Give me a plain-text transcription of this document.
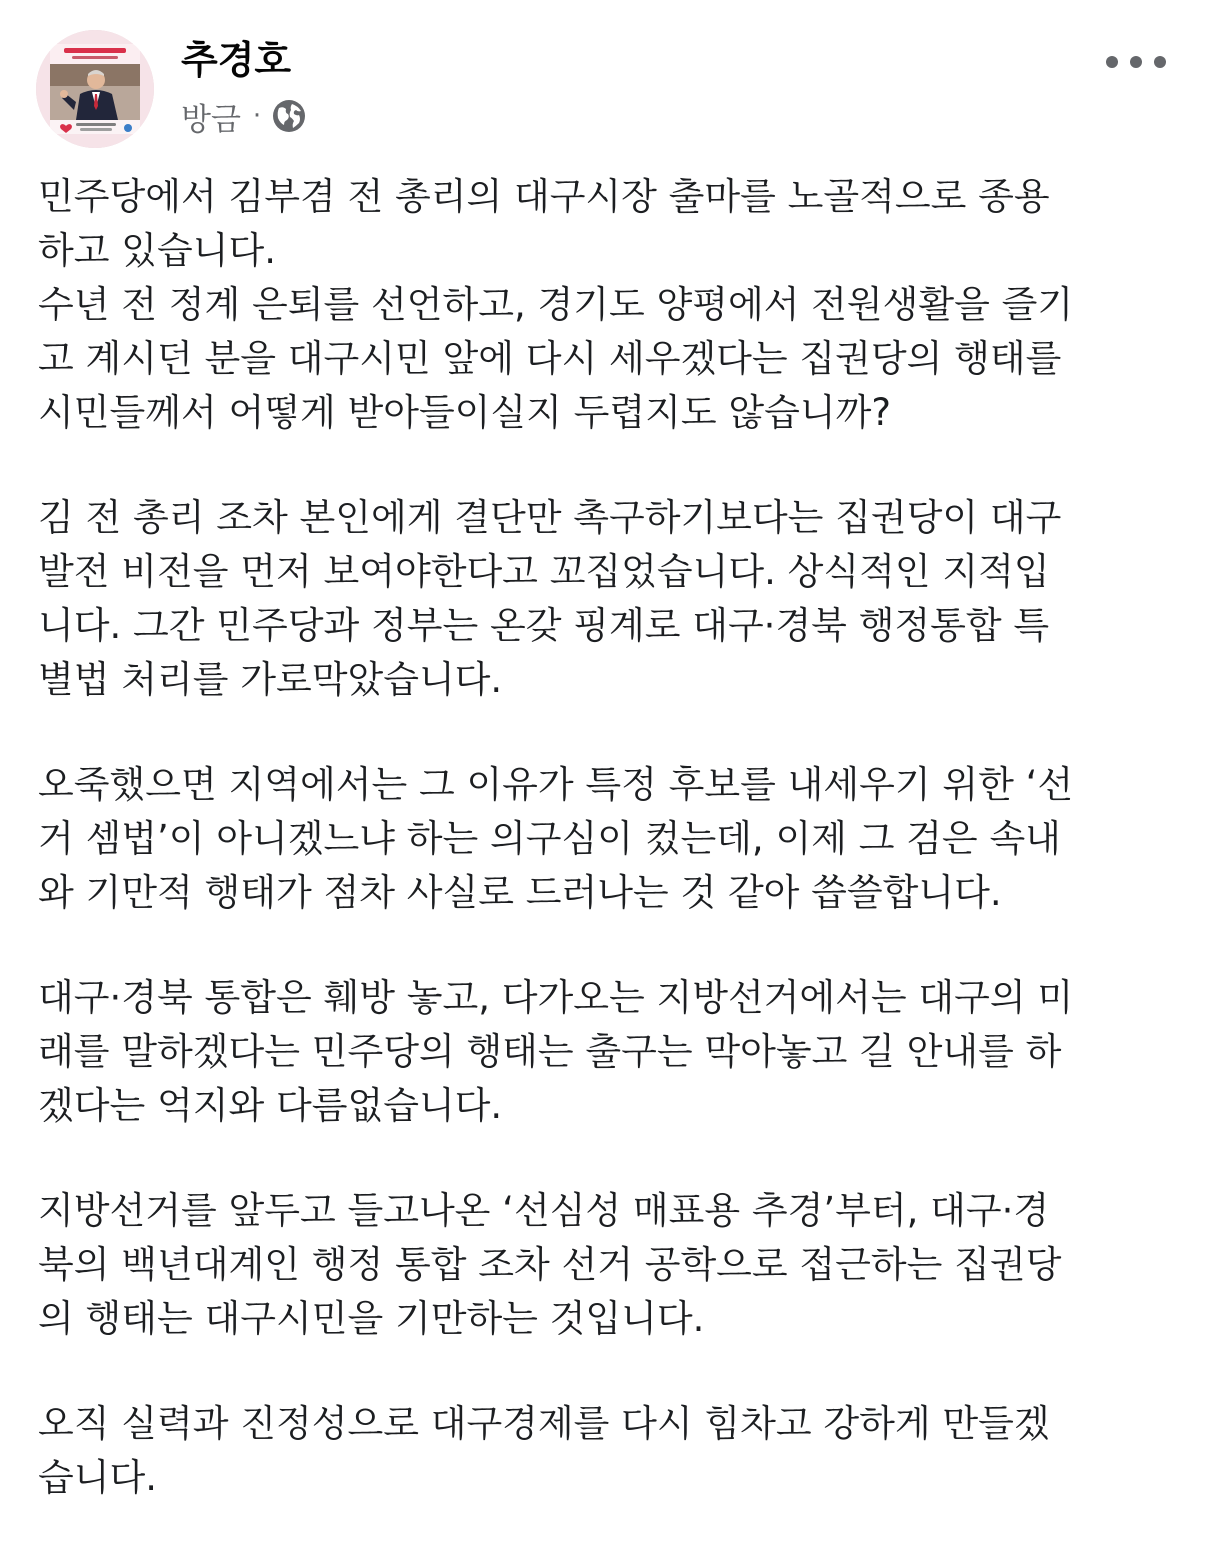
추경호
방금 ·

민주당에서 김부겸 전 총리의 대구시장 출마를 노골적으로 종용
하고 있습니다.
수년 전 정계 은퇴를 선언하고, 경기도 양평에서 전원생활을 즐기
고 계시던 분을 대구시민 앞에 다시 세우겠다는 집권당의 행태를
시민들께서 어떻게 받아들이실지 두렵지도 않습니까?

김 전 총리 조차 본인에게 결단만 촉구하기보다는 집권당이 대구
발전 비전을 먼저 보여야한다고 꼬집었습니다. 상식적인 지적입
니다. 그간 민주당과 정부는 온갖 핑계로 대구·경북 행정통합 특
별법 처리를 가로막았습니다.

오죽했으면 지역에서는 그 이유가 특정 후보를 내세우기 위한 ‘선
거 셈법’이 아니겠느냐 하는 의구심이 컸는데, 이제 그 검은 속내
와 기만적 행태가 점차 사실로 드러나는 것 같아 씁쓸합니다.

대구·경북 통합은 훼방 놓고, 다가오는 지방선거에서는 대구의 미
래를 말하겠다는 민주당의 행태는 출구는 막아놓고 길 안내를 하
겠다는 억지와 다름없습니다.

지방선거를 앞두고 들고나온 ‘선심성 매표용 추경’부터, 대구·경
북의 백년대계인 행정 통합 조차 선거 공학으로 접근하는 집권당
의 행태는 대구시민을 기만하는 것입니다.

오직 실력과 진정성으로 대구경제를 다시 힘차고 강하게 만들겠
습니다.
